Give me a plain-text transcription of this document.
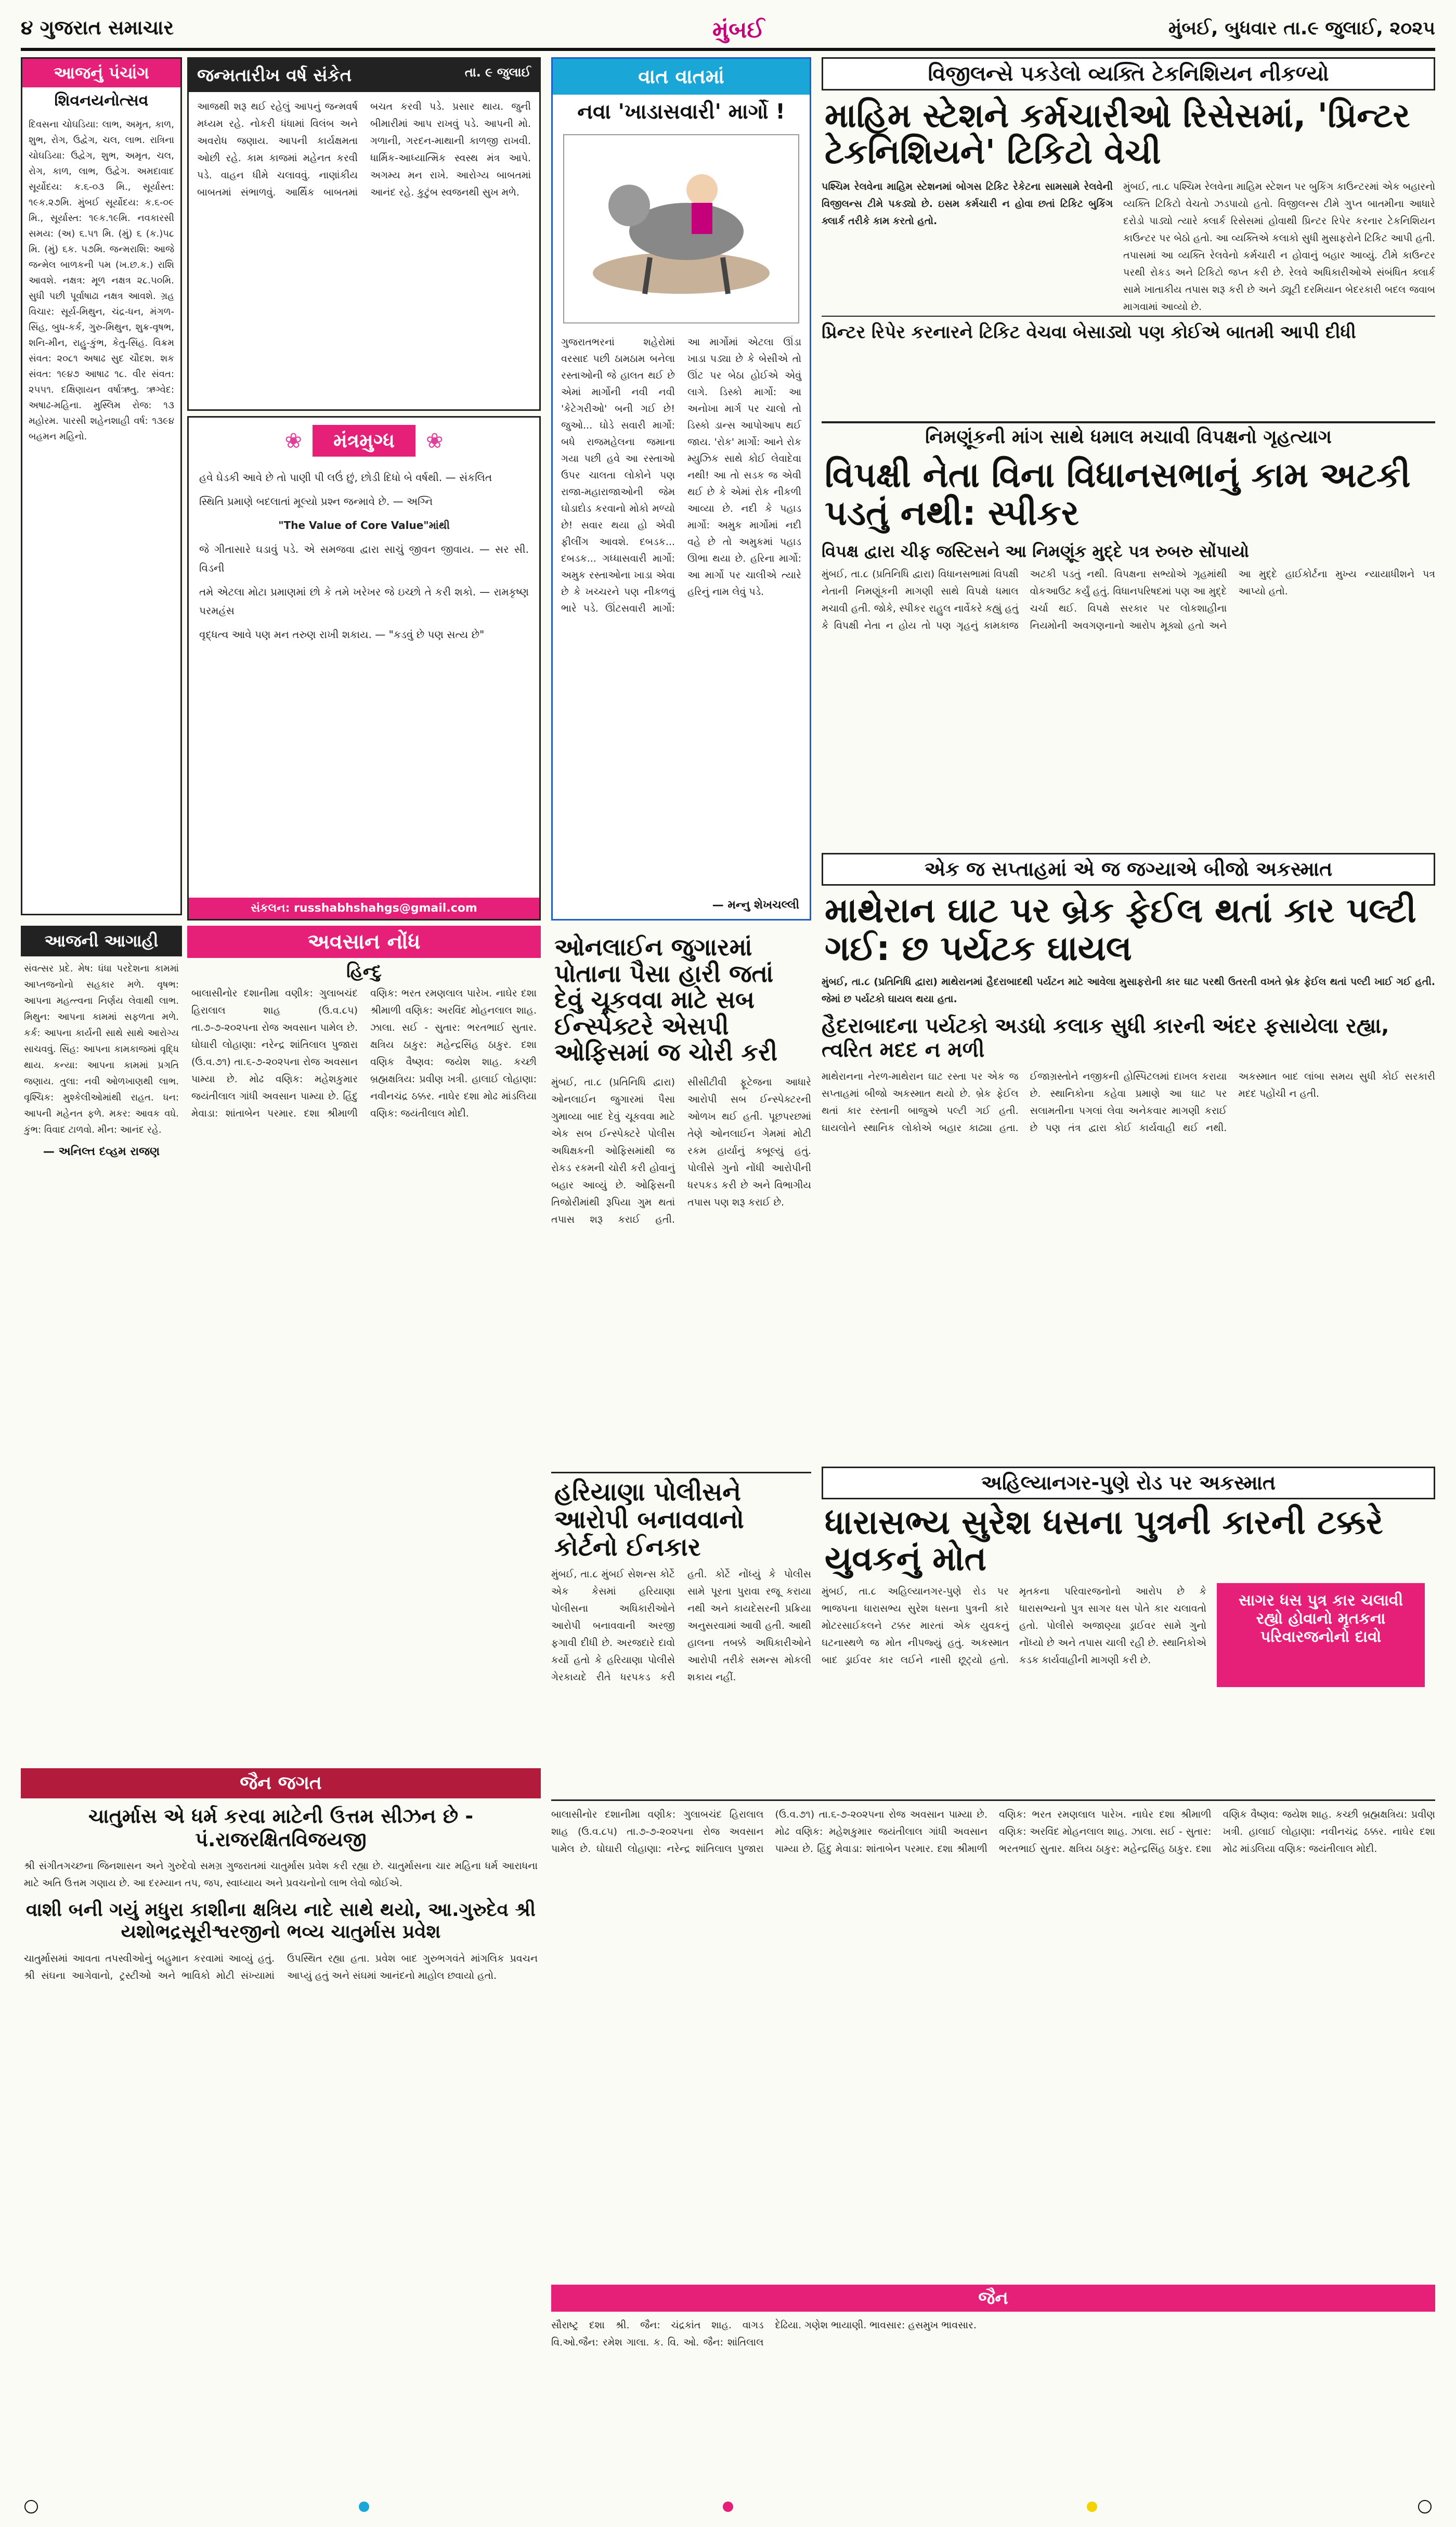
૪ ગુજરાત સમાચાર	મુંબઈ	મુંબઈ, બુધવાર તા.૯ જુલાઈ, ૨૦૨૫
આજનું પંચાંગ
શિવનયનોત્સવ
દિવસના ચોઘડિયા: લાભ, અમૃત, કાળ, શુભ, રોગ, ઉદ્વેગ, ચલ, લાભ. રાત્રિના ચોઘડિયા: ઉદ્વેગ, શુભ, અમૃત, ચલ, રોગ, કાળ, લાભ, ઉદ્વેગ. અમદાવાદ સૂર્યોદય: ક.૬-૦૩ મિ., સૂર્યાસ્ત: ૧૯ક.૨૭મિ. મુંબઈ સૂર્યોદય: ક.૬-૦૯ મિ., સૂર્યાસ્ત: ૧૯ક.૧૯મિ. નવકારસી સમય: (અ) ૬.૫૧ મિ. (મું) ૬ (ક.)૫૮ મિ. (મું) ૬ક. ૫૭મિ. જન્મરાશિ: આજે જન્મેલ બાળકની ૫મ (ખ.છ.ક.) રાશિ આવશે. નક્ષત્ર: મૂળ નક્ષત્ર ૨૮.૫૦મિ. સુધી પછી પૂર્વાષાઢા નક્ષત્ર આવશે. ગ્રહ વિચાર: સૂર્ય-મિથુન, ચંદ્ર-ધન, મંગળ-સિંહ, બુધ-કર્ક, ગુરુ-મિથુન, શુક્ર-વૃષભ, શનિ-મીન, રાહુ-કુંભ, કેતુ-સિંહ. વિક્રમ સંવત: ૨૦૮૧ અષાઢ સુદ ચૌદશ. શક સંવત: ૧૯૪૭ આષાઢ ૧૮. વીર સંવત: ૨૫૫૧. દક્ષિણાયન વર્ષાઋતુ. ઋગ્વેદ: અષાઢ-મહિના. મુસ્લિમ રોજ: ૧૩ મહોરમ. પારસી શહેનશાહી વર્ષ: ૧૩૯૪ બહમન મહિનો.
જન્મતારીખ વર્ષ સંકેત	તા. ૯ જુલાઈ
આજથી શરૂ થઈ રહેલું આપનું જન્મવર્ષ મધ્યમ રહે. નોકરી ધંધામાં વિલંબ અને અવરોધ જણાય. આપની કાર્યક્ષમતા ઓછી રહે. કામ કાજમાં મહેનત કરવી પડે. વાહન ધીમે ચલાવવું. નાણાંકીય બાબતમાં સંભાળવું. આર્થિક બાબતમાં બચત કરવી પડે. પ્રસાર થાય. જુની બીમારીમાં આપ રાખવું પડે. આપની મો. ગળાની, ગરદન-માથાની કાળજી રાખવી. ધાર્મિક-આધ્યાત્મિક સ્વસ્થ મંત્ર આપે. અગમ્ય મન રાખે. આરોગ્ય બાબતમાં આનંદ રહે. કુટુંબ સ્વજનથી સુખ મળે.
❀	મંત્રમુગ્ધ	❀

હવે ઘેડકી આવે છે તો પાણી પી લઉં છું, છોડી દિધો બે વર્ષથી. — સંકલિત

સ્થિતિ પ્રમાણે બદલાતાં મૂલ્યો પ્રશ્ન જન્માવે છે. — અગ્નિ

"The Value of Core Value"માંથી

જે ગીતાસારે ઘડાવું પડે. એ સમજવા દ્વારા સાચું જીવન જીવાય. — સર સી. વિડની

તમે એટલા મોટા પ્રમાણમાં છો કે તમે ખરેખર જે ઇચ્છો તે કરી શકો. — રામકૃષ્ણ પરમહંસ

વૃદ્ધત્વ આવે પણ મન તરુણ રાખી શકાય. — "કડવું છે પણ સત્ય છે"

સંકલન: russhabhshahgs@gmail.com
વાત વાતમાં
નવા 'ખાડાસવારી' માર્ગો !
ગુજરાતભરનાં શહેરોમાં વરસાદ પછી ઠામઠામ બનેલા રસ્તાઓની જે હાલત થઈ છે એમાં માર્ગોની નવી નવી 'કેટેગરીઓ' બની ગઈ છે! જુઓ... ઘોડે સવારી માર્ગો: બધે રાજમહેલના જમાના ગયા પછી હવે આ રસ્તાઓ ઉપર ચાલતા લોકોને પણ રાજા-મહારાજાઓની જેમ ઘોડાદોડ કરવાનો મોકો મળ્યો છે! સવાર થયા હો એવી ફીલીંગ આવશે. દબડક... દબડક... ગધ્ધાસવારી માર્ગો: અમુક રસ્તાઓના ખાડા એવા છે કે ખચ્ચરને પણ નીકળવું ભારે પડે. ઊંટસવારી માર્ગો: આ માર્ગોમાં એટલા ઊંડા ખાડા પડ્યા છે કે બેસીએ તો ઊંટ પર બેઠા હોઈએ એવું લાગે. ડિસ્કો માર્ગો: આ અનોખા માર્ગ પર ચાલો તો ડિસ્કો ડાન્સ આપોઆપ થઈ જાય. 'રોક' માર્ગો: આને રોક મ્યુઝિક સાથે કોઈ લેવાદેવા નથી! આ તો સડક જ એવી થઈ છે કે એમાં રોક નીકળી આવ્યા છે. નદી કે પહાડ માર્ગો: અમુક માર્ગોમાં નદી વહે છે તો અમુકમાં પહાડ ઊભા થયા છે. હરિના માર્ગો: આ માર્ગો પર ચાલીએ ત્યારે હરિનું નામ લેવું પડે.
— મન્નુ શેખચલ્લી
વિજીલન્સે પકડેલો વ્યક્તિ ટેકનિશિયન નીકળ્યો
માહિમ સ્ટેશને કર્મચારીઓ રિસેસમાં, 'પ્રિન્ટર ટેકનિશિયને' ટિકિટો વેચી
પશ્ચિમ રેલવેના માહિમ સ્ટેશનમાં બોગસ ટિકિટ રેકેટના સામસામે રેલવેની વિજીલન્સ ટીમે પકડ્યો છે. ઇસમ કર્મચારી ન હોવા છતાં ટિકિટ બુકિંગ ક્લાર્ક તરીકે કામ કરતો હતો.
મુંબઈ, તા.૮ પશ્ચિમ રેલવેના માહિમ સ્ટેશન પર બુકિંગ કાઉન્ટરમાં એક બહારનો વ્યક્તિ ટિકિટો વેચતો ઝડપાયો હતો. વિજીલન્સ ટીમે ગુપ્ત બાતમીના આધારે દરોડો પાડ્યો ત્યારે ક્લાર્ક રિસેસમાં હોવાથી પ્રિન્ટર રિપેર કરનાર ટેકનિશિયન કાઉન્ટર પર બેઠો હતો. આ વ્યક્તિએ કલાકો સુધી મુસાફરોને ટિકિટ આપી હતી. તપાસમાં આ વ્યક્તિ રેલવેનો કર્મચારી ન હોવાનું બહાર આવ્યું. ટીમે કાઉન્ટર પરથી રોકડ અને ટિકિટો જપ્ત કરી છે. રેલવે અધિકારીઓએ સંબંધિત ક્લાર્ક સામે ખાતાકીય તપાસ શરૂ કરી છે અને ડ્યૂટી દરમિયાન બેદરકારી બદલ જવાબ માગવામાં આવ્યો છે.
પ્રિન્ટર રિપેર કરનારને ટિકિટ વેચવા બેસાડ્યો પણ કોઈએ બાતમી આપી દીધી
નિમણૂંકની માંગ સાથે ધમાલ મચાવી વિપક્ષનો ગૃહત્યાગ
વિપક્ષી નેતા વિના વિધાનસભાનું કામ અટકી પડતું નથી: સ્પીકર
વિપક્ષ દ્વારા ચીફ જસ્ટિસને આ નિમણૂંક મુદ્દે પત્ર રુબરુ સોંપાયો
મુંબઈ, તા.૮ (પ્રતિનિધિ દ્વારા) વિધાનસભામાં વિપક્ષી નેતાની નિમણૂંકની માગણી સાથે વિપક્ષે ધમાલ મચાવી હતી. જોકે, સ્પીકર રાહુલ નાર્વેકરે કહ્યું હતું કે વિપક્ષી નેતા ન હોય તો પણ ગૃહનું કામકાજ અટકી પડતું નથી. વિપક્ષના સભ્યોએ ગૃહમાંથી વોકઆઉટ કર્યું હતું. વિધાનપરિષદમાં પણ આ મુદ્દે ચર્ચા થઈ. વિપક્ષે સરકાર પર લોકશાહીના નિયમોની અવગણનાનો આરોપ મૂક્યો હતો અને આ મુદ્દે હાઈકોર્ટના મુખ્ય ન્યાયાધીશને પત્ર આપ્યો હતો.
એક જ સપ્તાહમાં એ જ જગ્યાએ બીજો અકસ્માત
માથેરાન ઘાટ પર બ્રેક ફેઈલ થતાં કાર પલ્ટી ગઈ: છ પર્યટક ઘાયલ
મુંબઈ, તા.૮ (પ્રતિનિધિ દ્વારા) માથેરાનમાં હૈદરાબાદથી પર્યટન માટે આવેલા મુસાફરોની કાર ઘાટ પરથી ઉતરતી વખતે બ્રેક ફેઈલ થતાં પલ્ટી ખાઈ ગઈ હતી. જેમાં છ પર્યટકો ઘાયલ થયા હતા.
હૈદરાબાદના પર્યટકો અડધો કલાક સુધી કારની અંદર ફસાયેલા રહ્યા, ત્વરિત મદદ ન મળી
માથેરાનના નેરળ-માથેરાન ઘાટ રસ્તા પર એક જ સપ્તાહમાં બીજો અકસ્માત થયો છે. બ્રેક ફેઈલ થતાં કાર રસ્તાની બાજુએ પલ્ટી ગઈ હતી. ઘાયલોને સ્થાનિક લોકોએ બહાર કાઢ્યા હતા. ઈજાગ્રસ્તોને નજીકની હોસ્પિટલમાં દાખલ કરાયા છે. સ્થાનિકોના કહેવા પ્રમાણે આ ઘાટ પર સલામતીના પગલાં લેવા અનેકવાર માગણી કરાઈ છે પણ તંત્ર દ્વારા કોઈ કાર્યવાહી થઈ નથી. અકસ્માત બાદ લાંબા સમય સુધી કોઈ સરકારી મદદ પહોંચી ન હતી.
ઓનલાઈન જુગારમાં પોતાના પૈસા હારી જતાં દેવું ચૂકવવા માટે સબ ઈન્સ્પેક્ટરે એસપી ઓફિસમાં જ ચોરી કરી
મુંબઈ, તા.૮ (પ્રતિનિધિ દ્વારા) ઓનલાઈન જુગારમાં પૈસા ગુમાવ્યા બાદ દેવું ચૂકવવા માટે એક સબ ઈન્સ્પેક્ટરે પોલીસ અધિક્ષકની ઓફિસમાંથી જ રોકડ રકમની ચોરી કરી હોવાનું બહાર આવ્યું છે. ઓફિસની તિજોરીમાંથી રૂપિયા ગુમ થતાં તપાસ શરૂ કરાઈ હતી. સીસીટીવી ફૂટેજના આધારે આરોપી સબ ઈન્સ્પેક્ટરની ઓળખ થઈ હતી. પૂછપરછમાં તેણે ઓનલાઈન ગેમમાં મોટી રકમ હાર્યાનું કબૂલ્યું હતું. પોલીસે ગુનો નોંધી આરોપીની ધરપકડ કરી છે અને વિભાગીય તપાસ પણ શરૂ કરાઈ છે.
હરિયાણા પોલીસને આરોપી બનાવવાનો કોર્ટનો ઈનકાર
મુંબઈ, તા.૮ મુંબઈ સેશન્સ કોર્ટે એક કેસમાં હરિયાણા પોલીસના અધિકારીઓને આરોપી બનાવવાની અરજી ફગાવી દીધી છે. અરજદારે દાવો કર્યો હતો કે હરિયાણા પોલીસે ગેરકાયદે રીતે ધરપકડ કરી હતી. કોર્ટે નોંધ્યું કે પોલીસ સામે પૂરતા પુરાવા રજૂ કરાયા નથી અને કાયદેસરની પ્રક્રિયા અનુસરવામાં આવી હતી. આથી હાલના તબક્કે અધિકારીઓને આરોપી તરીકે સમન્સ મોકલી શકાય નહીં.
અહિલ્યાનગર-પુણે રોડ પર અકસ્માત
ધારાસભ્ય સુરેશ ધસના પુત્રની કારની ટક્કરે યુવકનું મોત
મુંબઈ, તા.૮ અહિલ્યાનગર-પુણે રોડ પર ભાજપના ધારાસભ્ય સુરેશ ધસના પુત્રની કારે મોટરસાઈકલને ટક્કર મારતાં એક યુવકનું ઘટનાસ્થળે જ મોત નીપજ્યું હતું. અકસ્માત બાદ ડ્રાઈવર કાર લઈને નાસી છૂટ્યો હતો. મૃતકના પરિવારજનોનો આરોપ છે કે ધારાસભ્યનો પુત્ર સાગર ધસ પોતે કાર ચલાવતો હતો. પોલીસે અજાણ્યા ડ્રાઈવર સામે ગુનો નોંધ્યો છે અને તપાસ ચાલી રહી છે. સ્થાનિકોએ કડક કાર્યવાહીની માગણી કરી છે.
સાગર ધસ પુત્ર કાર ચલાવી રહ્યો હોવાનો મૃતકના પરિવારજનોનો દાવો
આજની આગાહી
સંવત્સર પ્રદે. મેષ: ધંધા પરદેશના કામમાં આપ્તજનોનો સહકાર મળે. વૃષભ: આપના મહત્ત્વના નિર્ણય લેવાથી લાભ. મિથુન: આપના કામમાં સફળતા મળે. કર્ક: આપના કાર્યની સાથે સાથે આરોગ્ય સાચવવું. સિંહ: આપના કામકાજમાં વૃદ્ધિ થાય. કન્યા: આપના કામમાં પ્રગતિ જણાય. તુલા: નવી ઓળખાણથી લાભ. વૃશ્ચિક: મુશ્કેલીઓમાંથી રાહત. ધન: આપની મહેનત ફળે. મકર: આવક વધે. કુંભ: વિવાદ ટાળવો. મીન: આનંદ રહે.
— અનિલ્ત દવ્હમ રાજણ
અવસાન નોંધ
હિન્દુ
બાલાસીનોર દશાનીમા વણીક: ગુલાબચંદ હિરાલાલ શાહ (ઉ.વ.૮૫) તા.૭-૭-૨૦૨૫ના રોજ અવસાન પામેલ છે. ઘોઘારી લોહાણા: નરેન્દ્ર શાંતિલાલ પુજારા (ઉ.વ.૭૧) તા.૬-૭-૨૦૨૫ના રોજ અવસાન પામ્યા છે. મોઢ વણિક: મહેશકુમાર જયંતીલાલ ગાંધી અવસાન પામ્યા છે. હિંદુ મેવાડા: શાંતાબેન પરમાર. દશા શ્રીમાળી વણિક: ભરત રમણલાલ પારેખ. નાઘેર દશા શ્રીમાળી વણિક: અરવિંદ મોહનલાલ શાહ. ઝાલા. સઈ - સુતાર: ભરતભાઈ સુતાર. ક્ષત્રિય ઠાકુર: મહેન્દ્રસિંહ ઠાકુર. દશા વણિક વૈષ્ણવ: જયેશ શાહ. કચ્છી બ્રહ્મક્ષત્રિય: પ્રવીણ ખત્રી. હાલાઈ લોહાણા: નવીનચંદ્ર ઠક્કર. નાઘેર દશા મોઢ માંડલિયા વણિક: જયંતીલાલ મોદી.
જૈન જગત
ચાતુર્માસ એ ધર્મ કરવા માટેની ઉત્તમ સીઝન છે - પં.રાજરક્ષિતવિજયજી
શ્રી સંગીતગચ્છના જિનશાસન અને ગુરુદેવો સમગ્ર ગુજરાતમાં ચાતુર્માસ પ્રવેશ કરી રહ્યા છે. ચાતુર્માસના ચાર મહિના ધર્મ આરાધના માટે અતિ ઉત્તમ ગણાય છે. આ દરમ્યાન તપ, જપ, સ્વાધ્યાય અને પ્રવચનોનો લાભ લેવો જોઈએ.
વાશી બની ગયું મધુરા કાશીના ક્ષત્રિય નાદે સાથે થયો, આ.ગુરુદેવ શ્રી યશોભદ્રસૂરીશ્વરજીનો ભવ્ય ચાતુર્માસ પ્રવેશ
ચાતુર્માસમાં આવતા તપસ્વીઓનું બહુમાન કરવામાં આવ્યું હતું. શ્રી સંઘના આગેવાનો, ટ્રસ્ટીઓ અને ભાવિકો મોટી સંખ્યામાં ઉપસ્થિત રહ્યા હતા. પ્રવેશ બાદ ગુરુભગવંતે માંગલિક પ્રવચન આપ્યું હતું અને સંઘમાં આનંદનો માહોલ છવાયો હતો.
બાલાસીનોર દશાનીમા વણીક: ગુલાબચંદ હિરાલાલ શાહ (ઉ.વ.૮૫) તા.૭-૭-૨૦૨૫ના રોજ અવસાન પામેલ છે. ઘોઘારી લોહાણા: નરેન્દ્ર શાંતિલાલ પુજારા (ઉ.વ.૭૧) તા.૬-૭-૨૦૨૫ના રોજ અવસાન પામ્યા છે. મોઢ વણિક: મહેશકુમાર જયંતીલાલ ગાંધી અવસાન પામ્યા છે. હિંદુ મેવાડા: શાંતાબેન પરમાર. દશા શ્રીમાળી વણિક: ભરત રમણલાલ પારેખ. નાઘેર દશા શ્રીમાળી વણિક: અરવિંદ મોહનલાલ શાહ. ઝાલા. સઈ - સુતાર: ભરતભાઈ સુતાર. ક્ષત્રિય ઠાકુર: મહેન્દ્રસિંહ ઠાકુર. દશા વણિક વૈષ્ણવ: જયેશ શાહ. કચ્છી બ્રહ્મક્ષત્રિય: પ્રવીણ ખત્રી. હાલાઈ લોહાણા: નવીનચંદ્ર ઠક્કર. નાઘેર દશા મોઢ માંડલિયા વણિક: જયંતીલાલ મોદી.
જૈન
સૌરાષ્ટ્ર દશા શ્રી. જૈન: ચંદ્રકાંત શાહ. વાગડ વિ.ઓ.જૈન: રમેશ ગાલા. ક. વિ. ઓ. જૈન: શાંતિલાલ દેઢિયા. ગણેશ ભાયાણી. ભાવસાર: હસમુખ ભાવસાર.
